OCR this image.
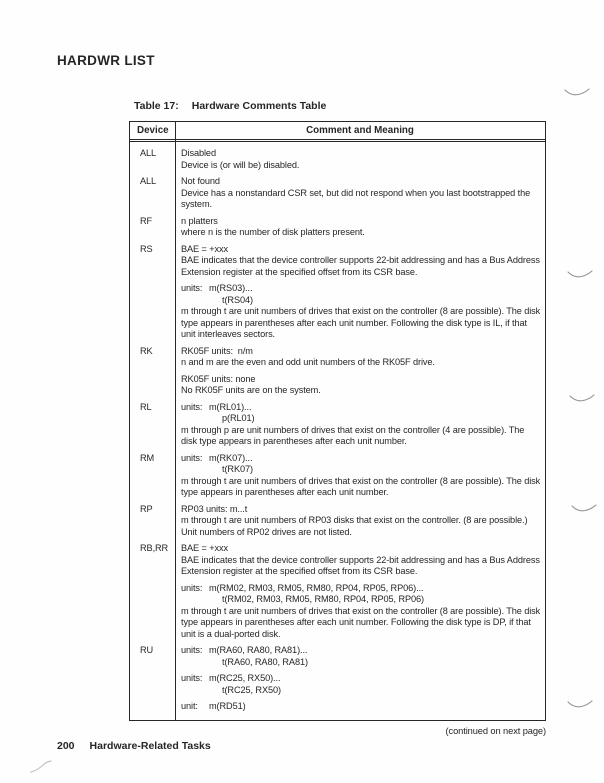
HARDWR LIST
Table 17: Hardware Comments Table
Device	Comment and Meaning
ALL	Disabled
Device is (or will be) disabled.
ALL	Not found
Device has a nonstandard CSR set, but did not respond when you last bootstrapped the system.
RF	n platters
where n is the number of disk platters present.
RS	BAE = +xxx
BAE indicates that the device controller supports 22-bit addressing and has a Bus Address Extension register at the specified offset from its CSR base.
units: m(RS03)...
t(RS04)
m through t are unit numbers of drives that exist on the controller (8 are possible). The disk type appears in parentheses after each unit number. Following the disk type is IL, if that unit interleaves sectors.
RK	RK05F units:  n/m
n and m are the even and odd unit numbers of the RK05F drive.
RK05F units: none
No RK05F units are on the system.
RL	units: m(RL01)...
p(RL01)
m through p are unit numbers of drives that exist on the controller (4 are possible). The disk type appears in parentheses after each unit number.
RM	units: m(RK07)...
t(RK07)
m through t are unit numbers of drives that exist on the controller (8 are possible). The disk type appears in parentheses after each unit number.
RP	RP03 units: m...t
m through t are unit numbers of RP03 disks that exist on the controller. (8 are possible.) Unit numbers of RP02 drives are not listed.
RB,RR	BAE = +xxx
BAE indicates that the device controller supports 22-bit addressing and has a Bus Address Extension register at the specified offset from its CSR base.
units: m(RM02, RM03, RM05, RM80, RP04, RP05, RP06)...
t(RM02, RM03, RM05, RM80, RP04, RP05, RP06)
m through t are unit numbers of drives that exist on the controller (8 are possible). The disk type appears in parentheses after each unit number. Following the disk type is DP, if that unit is a dual-ported disk.
RU	units: m(RA60, RA80, RA81)...
t(RA60, RA80, RA81)
units: m(RC25, RX50)...
t(RC25, RX50)
unit:	m(RD51)
(continued on next page)
200 Hardware-Related Tasks
